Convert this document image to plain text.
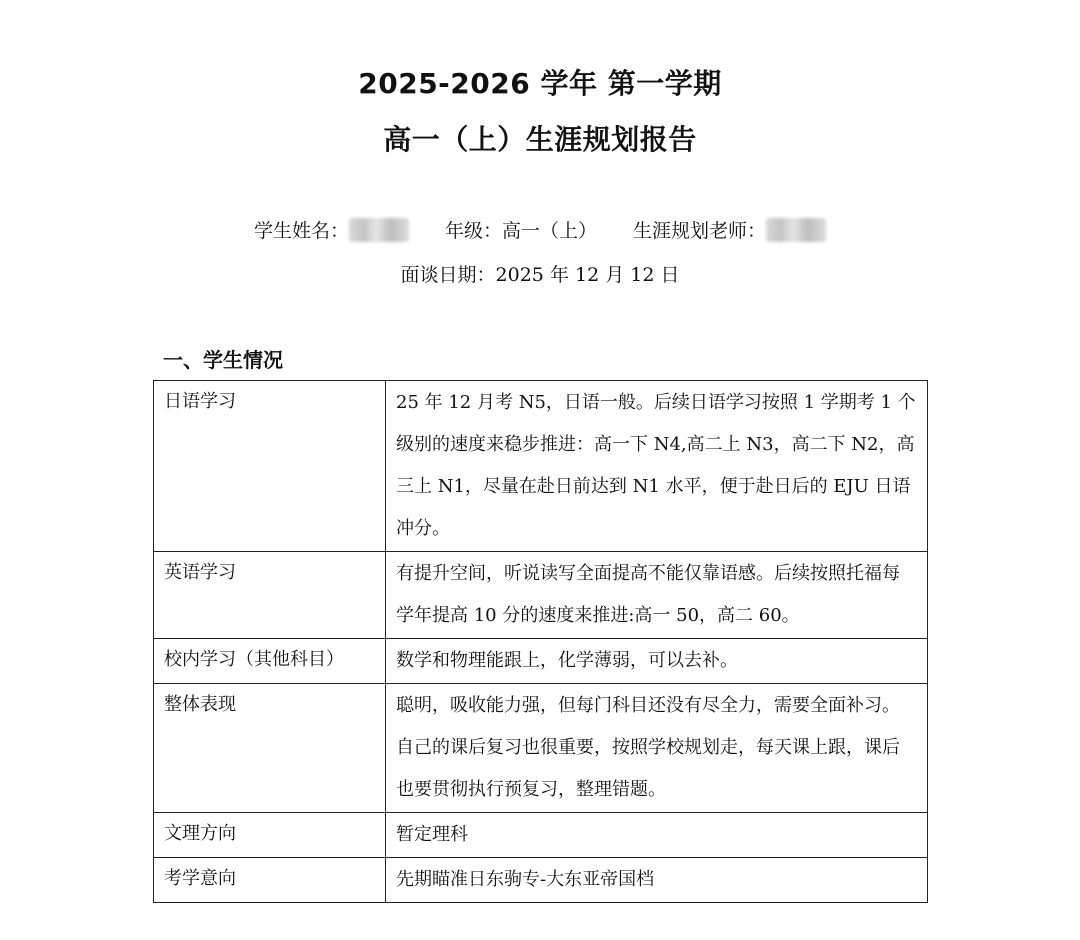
2025-2026 学年 第一学期
高一（上）生涯规划报告
学生姓名：	年级：高一（上） 生涯规划老师：
面谈日期：2025 年 12 月 12 日
一、学生情况
日语学习	25 年 12 月考 N5，日语一般。后续日语学习按照 1 学期考 1 个级别的速度来稳步推进：高一下 N4,高二上 N3，高二下 N2，高三上 N1，尽量在赴日前达到 N1 水平，便于赴日后的 EJU 日语冲分。
英语学习	有提升空间，听说读写全面提高不能仅靠语感。后续按照托福每学年提高 10 分的速度来推进:高一 50，高二 60。
校内学习（其他科目）	数学和物理能跟上，化学薄弱，可以去补。
整体表现	聪明，吸收能力强，但每门科目还没有尽全力，需要全面补习。自己的课后复习也很重要，按照学校规划走，每天课上跟，课后也要贯彻执行预复习，整理错题。
文理方向	暂定理科
考学意向	先期瞄准日东驹专-大东亚帝国档
